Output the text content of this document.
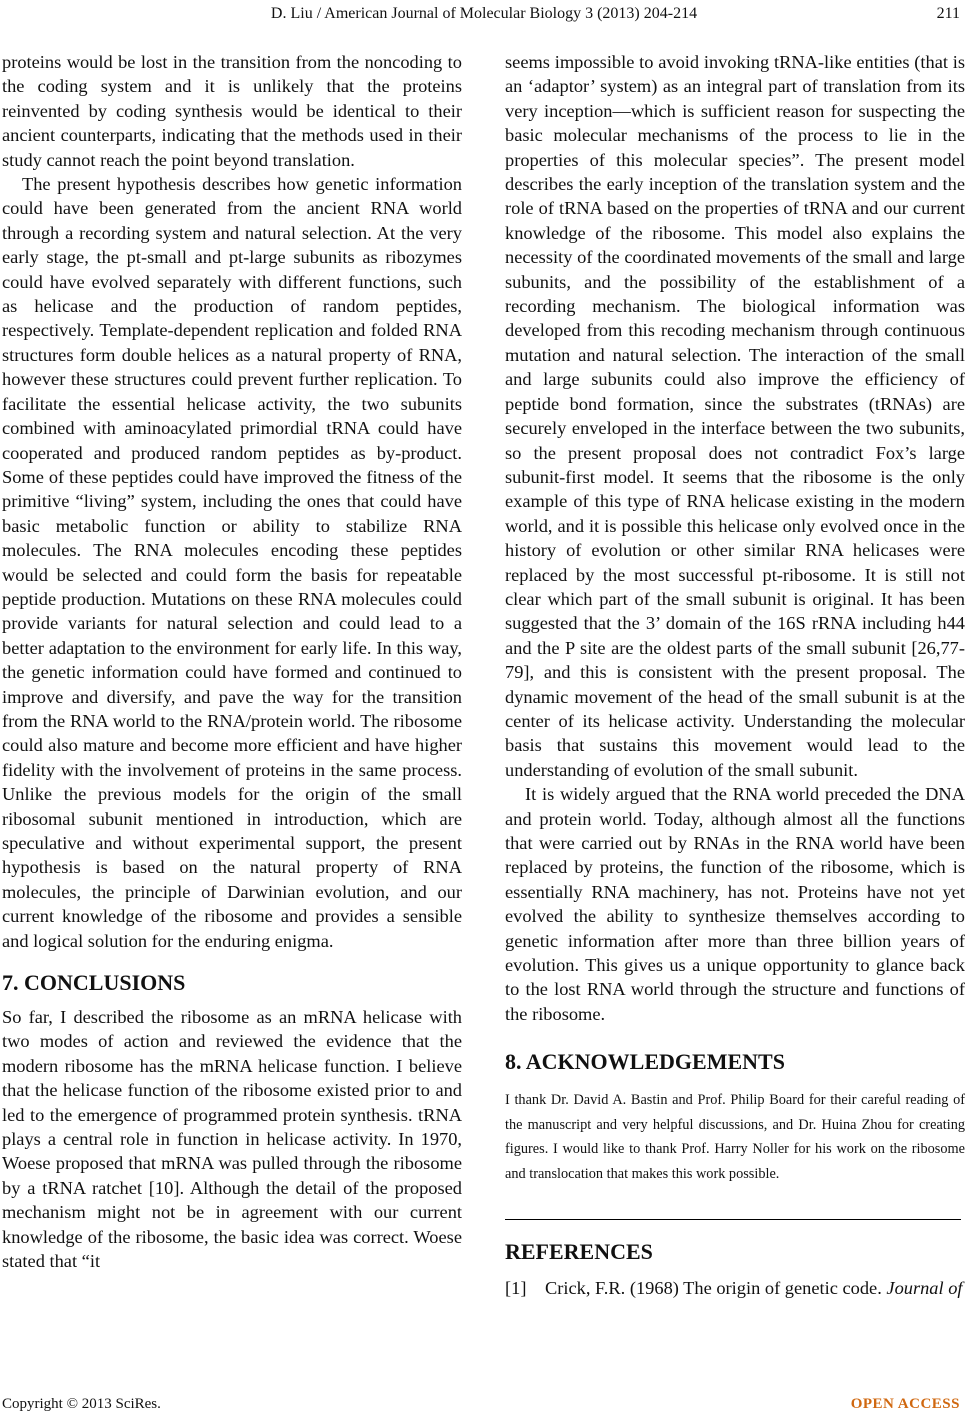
D. Liu / American Journal of Molecular Biology 3 (2013) 204-214	211

proteins would be lost in the transition from the noncoding to the coding system and it is unlikely that the proteins reinvented by coding synthesis would be identical to their ancient counterparts, indicating that the methods used in their study cannot reach the point beyond translation.

The present hypothesis describes how genetic information could have been generated from the ancient RNA world through a recording system and natural selection. At the very early stage, the pt-small and pt-large subunits as ribozymes could have evolved separately with different functions, such as helicase and the production of random peptides, respectively. Template-dependent replication and folded RNA structures form double helices as a natural property of RNA, however these structures could prevent further replication. To facilitate the essential helicase activity, the two subunits combined with aminoacylated primordial tRNA could have cooperated and produced random peptides as by-product. Some of these peptides could have improved the fitness of the primitive “living” system, including the ones that could have basic metabolic function or ability to stabilize RNA molecules. The RNA molecules encoding these peptides would be selected and could form the basis for repeatable peptide production. Mutations on these RNA molecules could provide variants for natural selection and could lead to a better adaptation to the environment for early life. In this way, the genetic information could have formed and continued to improve and diversify, and pave the way for the transition from the RNA world to the RNA/protein world. The ribosome could also mature and become more efficient and have higher fidelity with the involvement of proteins in the same process. Unlike the previous models for the origin of the small ribosomal subunit mentioned in introduction, which are speculative and without experimental support, the present hypothesis is based on the natural property of RNA molecules, the principle of Darwinian evolution, and our current knowledge of the ribosome and provides a sensible and logical solution for the enduring enigma.

7. CONCLUSIONS

So far, I described the ribosome as an mRNA helicase with two modes of action and reviewed the evidence that the modern ribosome has the mRNA helicase function. I believe that the helicase function of the ribosome existed prior to and led to the emergence of programmed protein synthesis. tRNA plays a central role in function in helicase activity. In 1970, Woese proposed that mRNA was pulled through the ribosome by a tRNA ratchet [10]. Although the detail of the proposed mechanism might not be in agreement with our current knowledge of the ribosome, the basic idea was correct. Woese stated that “it

seems impossible to avoid invoking tRNA-like entities (that is an ‘adaptor’ system) as an integral part of translation from its very inception—which is sufficient reason for suspecting the basic molecular mechanisms of the process to lie in the properties of this molecular species”. The present model describes the early inception of the translation system and the role of tRNA based on the properties of tRNA and our current knowledge of the ribosome. This model also explains the necessity of the coordinated movements of the small and large subunits, and the possibility of the establishment of a recording mechanism. The biological information was developed from this recoding mechanism through continuous mutation and natural selection. The interaction of the small and large subunits could also improve the efficiency of peptide bond formation, since the substrates (tRNAs) are securely enveloped in the interface between the two subunits, so the present proposal does not contradict Fox’s large subunit-first model. It seems that the ribosome is the only example of this type of RNA helicase existing in the modern world, and it is possible this helicase only evolved once in the history of evolution or other similar RNA helicases were replaced by the most successful pt-ribosome. It is still not clear which part of the small subunit is original. It has been suggested that the 3’ domain of the 16S rRNA including h44 and the P site are the oldest parts of the small subunit [26,77-79], and this is consistent with the present proposal. The dynamic movement of the head of the small subunit is at the center of its helicase activity. Understanding the molecular basis that sustains this movement would lead to the understanding of evolution of the small subunit.

It is widely argued that the RNA world preceded the DNA and protein world. Today, although almost all the functions that were carried out by RNAs in the RNA world have been replaced by proteins, the function of the ribosome, which is essentially RNA machinery, has not. Proteins have not yet evolved the ability to synthesize themselves according to genetic information after more than three billion years of evolution. This gives us a unique opportunity to glance back to the lost RNA world through the structure and functions of the ribosome.

8. ACKNOWLEDGEMENTS
I thank Dr. David A. Bastin and Prof. Philip Board for their careful reading of the manuscript and very helpful discussions, and Dr. Huina Zhou for creating figures. I would like to thank Prof. Harry Noller for his work on the ribosome and translocation that makes this work possible.
REFERENCES
[1] Crick, F.R. (1968) The origin of genetic code. Journal of
Copyright © 2013 SciRes.	OPEN ACCESS
